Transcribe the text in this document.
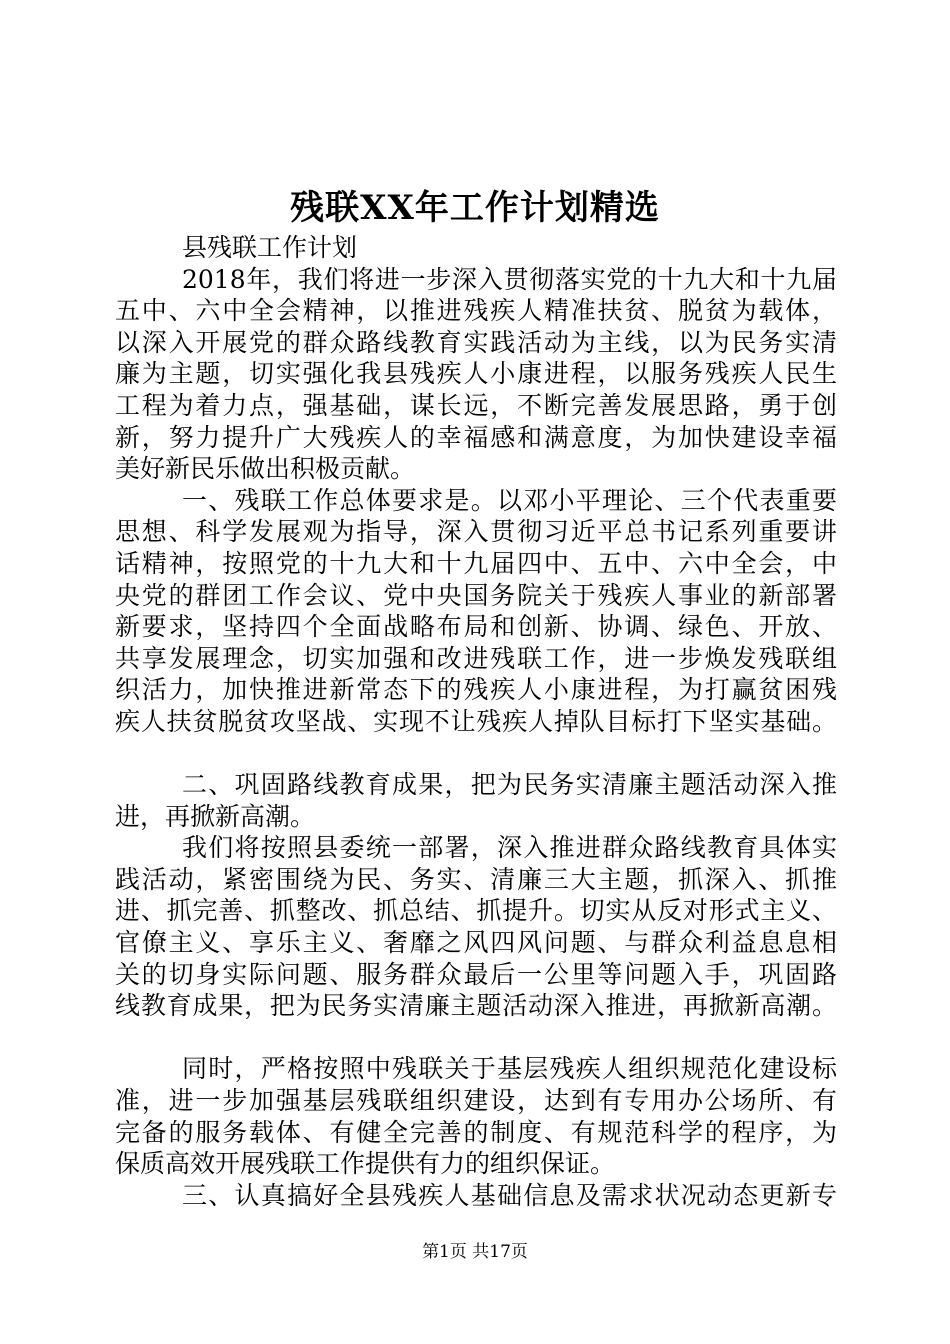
残联XX年工作计划精选
县残联工作计划
2018年，我们将进一步深入贯彻落实党的十九大和十九届
五中、六中全会精神，以推进残疾人精准扶贫、脱贫为载体，
以深入开展党的群众路线教育实践活动为主线，以为民务实清
廉为主题，切实强化我县残疾人小康进程，以服务残疾人民生
工程为着力点，强基础，谋长远，不断完善发展思路，勇于创
新，努力提升广大残疾人的幸福感和满意度，为加快建设幸福
美好新民乐做出积极贡献。
一、残联工作总体要求是。以邓小平理论、三个代表重要
思想、科学发展观为指导，深入贯彻习近平总书记系列重要讲
话精神，按照党的十九大和十九届四中、五中、六中全会，中
央党的群团工作会议、党中央国务院关于残疾人事业的新部署
新要求，坚持四个全面战略布局和创新、协调、绿色、开放、
共享发展理念，切实加强和改进残联工作，进一步焕发残联组
织活力，加快推进新常态下的残疾人小康进程，为打赢贫困残
疾人扶贫脱贫攻坚战、实现不让残疾人掉队目标打下坚实基础。
二、巩固路线教育成果，把为民务实清廉主题活动深入推
进，再掀新高潮。
我们将按照县委统一部署，深入推进群众路线教育具体实
践活动，紧密围绕为民、务实、清廉三大主题，抓深入、抓推
进、抓完善、抓整改、抓总结、抓提升。切实从反对形式主义、
官僚主义、享乐主义、奢靡之风四风问题、与群众利益息息相
关的切身实际问题、服务群众最后一公里等问题入手，巩固路
线教育成果，把为民务实清廉主题活动深入推进，再掀新高潮。
同时，严格按照中残联关于基层残疾人组织规范化建设标
准，进一步加强基层残联组织建设，达到有专用办公场所、有
完备的服务载体、有健全完善的制度、有规范科学的程序，为
保质高效开展残联工作提供有力的组织保证。
三、认真搞好全县残疾人基础信息及需求状况动态更新专
第1页 共17页
